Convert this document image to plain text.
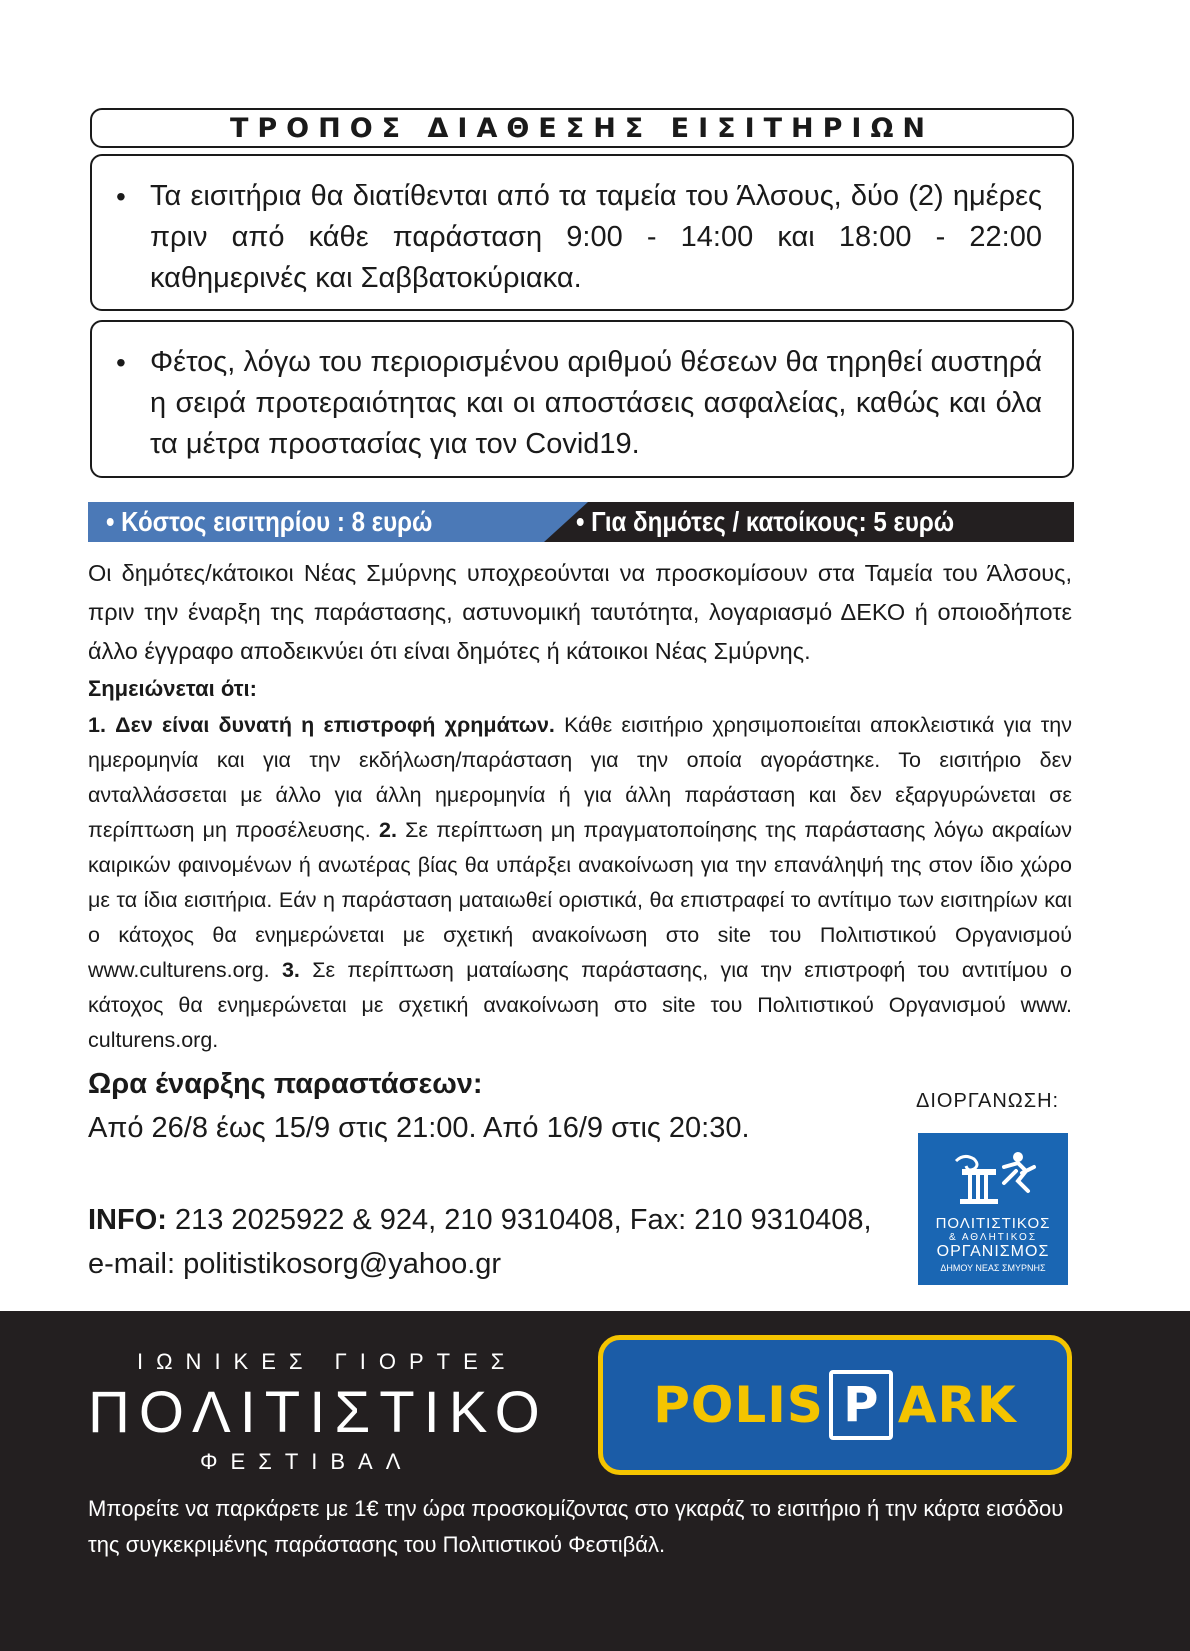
ΤΡΟΠΟΣ ΔΙΑΘΕΣΗΣ ΕΙΣΙΤΗΡΙΩΝ
• Τα εισιτήρια θα διατίθενται από τα ταμεία του Άλσους, δύο (2) ημέρες πριν από κάθε παράσταση 9:00 - 14:00 και 18:00 - 22:00 καθημερινές και Σαββατοκύριακα.
• Φέτος, λόγω του περιορισμένου αριθμού θέσεων θα τηρηθεί αυστηρά η σειρά προτεραιότητας και οι αποστάσεις ασφαλείας, καθώς και όλα τα μέτρα προστασίας για τον Covid19.
• Κόστος εισιτηρίου : 8 ευρώ	• Για δημότες / κατοίκους: 5 ευρώ
Οι δημότες/κάτοικοι Νέας Σμύρνης υποχρεούνται να προσκομίσουν στα Ταμεία του Άλσους, πριν την έναρξη της παράστασης, αστυνομική ταυτότητα, λογαριασμό ΔΕΚΟ ή οποιοδήποτε άλλο έγγραφο αποδεικνύει ότι είναι δημότες ή κάτοικοι Νέας Σμύρνης.
Σημειώνεται ότι:
1. Δεν είναι δυνατή η επιστροφή χρημάτων. Κάθε εισιτήριο χρησιμοποιείται αποκλειστικά για την ημερομηνία και για την εκδήλωση/παράσταση για την οποία αγοράστηκε. Το εισιτήριο δεν ανταλλάσσεται με άλλο για άλλη ημερομηνία ή για άλλη παράσταση και δεν εξαργυρώνεται σε περίπτωση μη προσέλευσης. 2. Σε περίπτωση μη πραγματοποίησης της παράστασης λόγω ακραίων καιρικών φαινομένων ή ανωτέρας βίας θα υπάρξει ανακοίνωση για την επανάληψή της στον ίδιο χώρο με τα ίδια εισιτήρια. Εάν η παράσταση ματαιωθεί οριστικά, θα επιστραφεί το αντίτιμο των εισιτηρίων και ο κάτοχος θα ενημερώνεται με σχετική ανακοίνωση στο site του Πολιτιστικού Οργανισμού www.culturens.org. 3. Σε περίπτωση ματαίωσης παράστασης, για την επιστροφή του αντιτίμου ο κάτοχος θα ενημερώνεται με σχετική ανακοίνωση στο site του Πολιτιστικού Οργανισμού www. culturens.org.
Ωρα έναρξης παραστάσεων:
Από 26/8 έως 15/9 στις 21:00. Από 16/9 στις 20:30.
INFO: 213 2025922 & 924, 210 9310408, Fax: 210 9310408,
e-mail: politistikosorg@yahoo.gr
ΔΙΟΡΓΑΝΩΣΗ:
ΠΟΛΙΤΙΣΤΙΚΟΣ
& ΑΘΛΗΤΙΚΟΣ
ΟΡΓΑΝΙΣΜΟΣ
ΔΗΜΟΥ ΝΕΑΣ ΣΜΥΡΝΗΣ
ΙΩΝΙΚΕΣ ΓΙΟΡΤΕΣ
ΠΟΛΙΤΙΣΤΙΚΟ
ΦΕΣΤΙΒΑΛ
POLIS P ARK
Μπορείτε να παρκάρετε με 1€ την ώρα προσκομίζοντας στο γκαράζ το εισιτήριο ή την κάρτα εισόδου της συγκεκριμένης παράστασης του Πολιτιστικού Φεστιβάλ.
